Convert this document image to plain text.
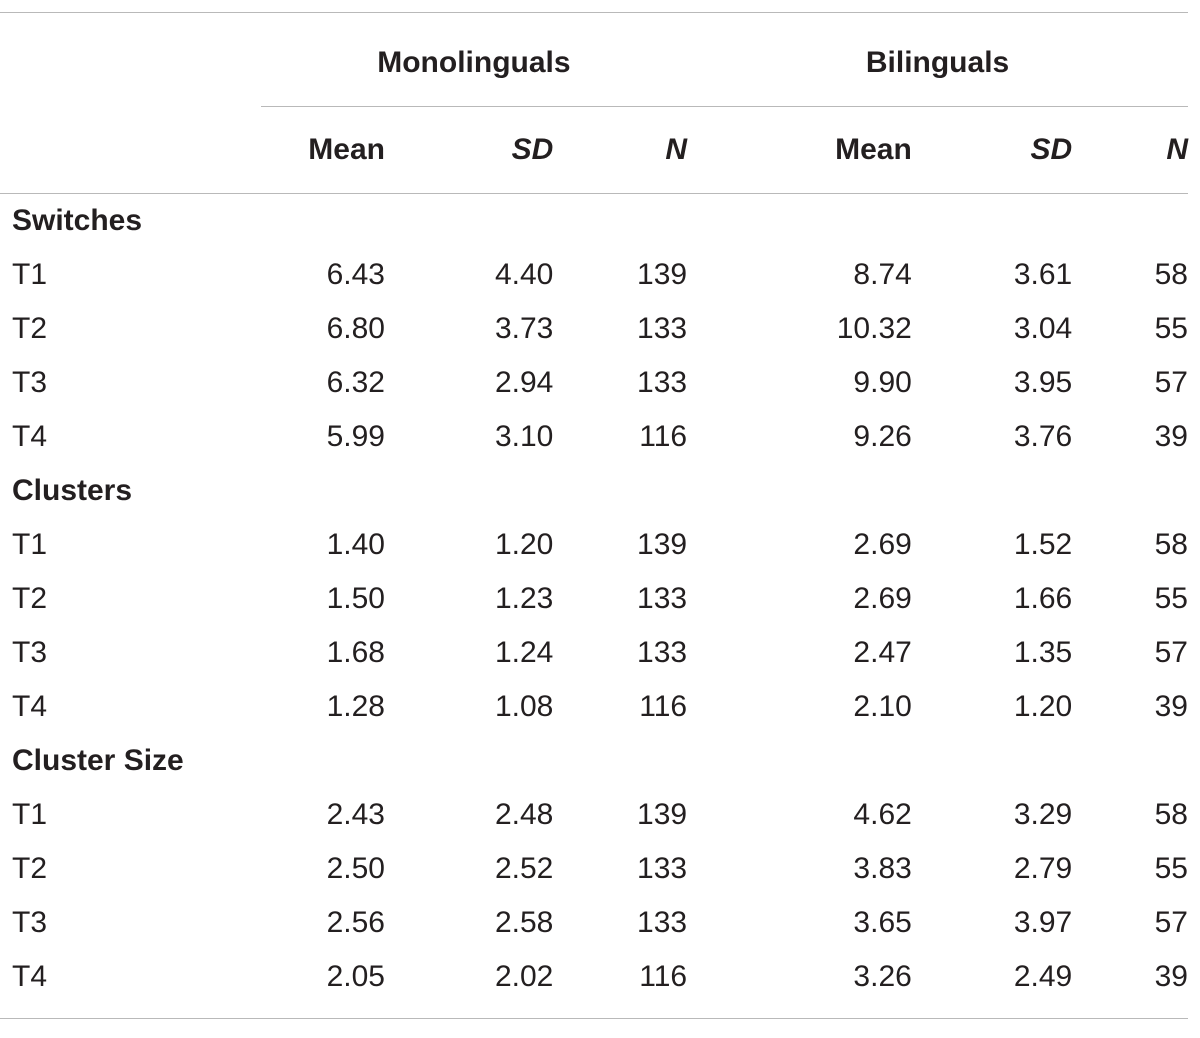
	Monolinguals			Bilinguals		
	Mean	SD	N	Mean	SD	N
Switches						
T1	6.43	4.40	139	8.74	3.61	58
T2	6.80	3.73	133	10.32	3.04	55
T3	6.32	2.94	133	9.90	3.95	57
T4	5.99	3.10	116	9.26	3.76	39
Clusters						
T1	1.40	1.20	139	2.69	1.52	58
T2	1.50	1.23	133	2.69	1.66	55
T3	1.68	1.24	133	2.47	1.35	57
T4	1.28	1.08	116	2.10	1.20	39
Cluster Size						
T1	2.43	2.48	139	4.62	3.29	58
T2	2.50	2.52	133	3.83	2.79	55
T3	2.56	2.58	133	3.65	3.97	57
T4	2.05	2.02	116	3.26	2.49	39
